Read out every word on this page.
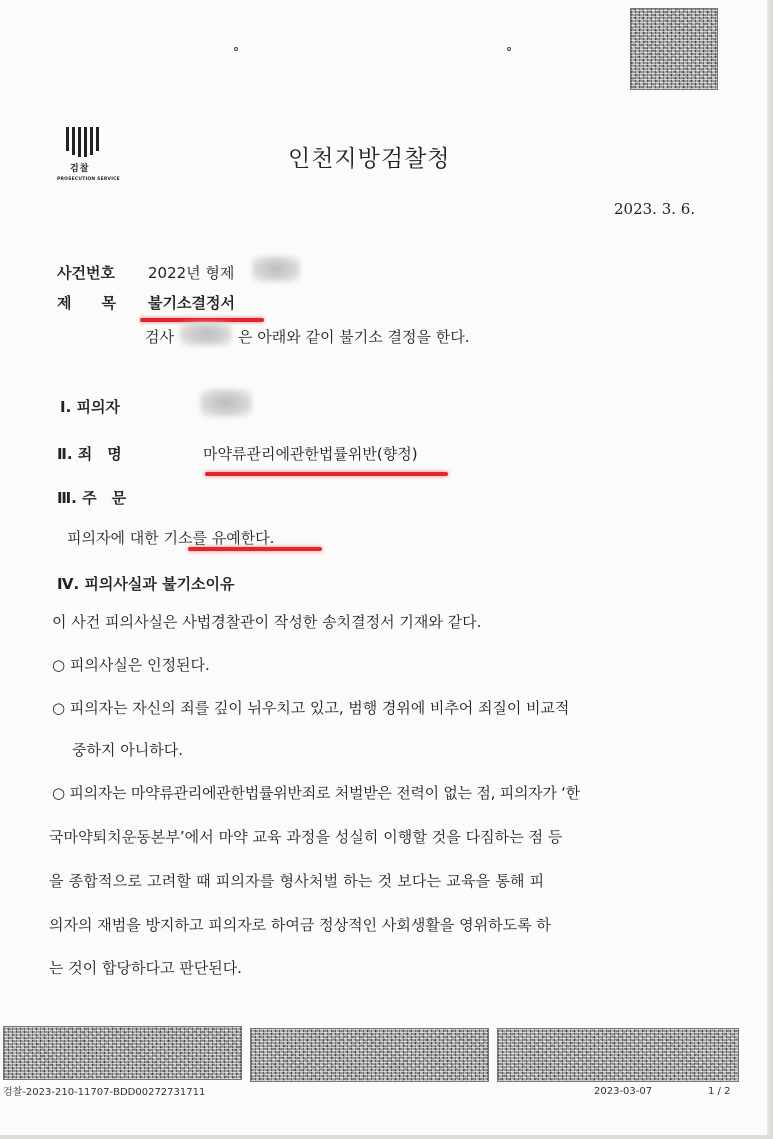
검찰
PROSECUTION SERVICE
인천지방검찰청
2023. 3. 6.
사건번호 2022년 형제
제　　목 불기소결정서
검사	은 아래와 같이 불기소 결정을 한다.
Ⅰ. 피의자
Ⅱ. 죄　명	마약류관리에관한법률위반(향정)
Ⅲ. 주　문
피의자에 대한 기소를 유예한다.
Ⅳ. 피의사실과 불기소이유
이 사건 피의사실은 사법경찰관이 작성한 송치결정서 기재와 같다.
○ 피의사실은 인정된다.
○ 피의자는 자신의 죄를 깊이 뉘우치고 있고, 범행 경위에 비추어 죄질이 비교적
중하지 아니하다.
○ 피의자는 마약류관리에관한법률위반죄로 처벌받은 전력이 없는 점, 피의자가 ‘한
국마약퇴치운동본부’에서 마약 교육 과정을 성실히 이행할 것을 다짐하는 점 등
을 종합적으로 고려할 때 피의자를 형사처벌 하는 것 보다는 교육을 통해 피
의자의 재범을 방지하고 피의자로 하여금 정상적인 사회생활을 영위하도록 하
는 것이 합당하다고 판단된다.
검찰-2023-210-11707-BDD00272731711	2023-03-07	1 / 2
